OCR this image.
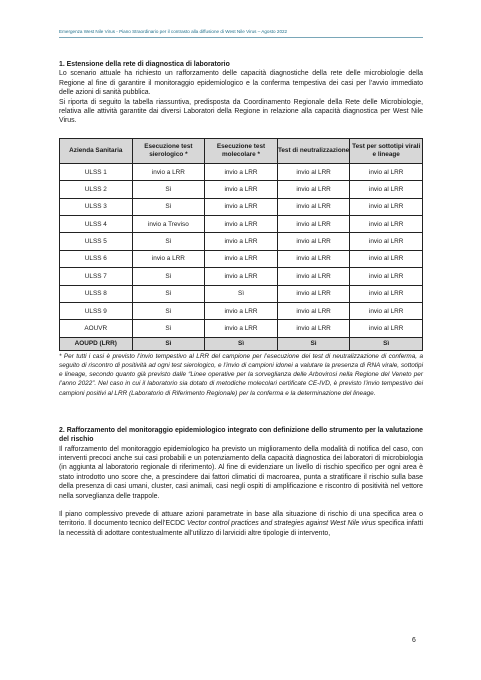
Emergenza West Nile Virus - Piano Straordinario per il contrasto alla diffusione di West Nile Virus – Agosto 2022

1. Estensione della rete di diagnostica di laboratorio

Lo scenario attuale ha richiesto un rafforzamento delle capacità diagnostiche della rete delle microbiologie della Regione al fine di garantire il monitoraggio epidemiologico e la conferma tempestiva dei casi per l’avvio immediato delle azioni di sanità pubblica.

Si riporta di seguito la tabella riassuntiva, predisposta da Coordinamento Regionale della Rete delle Microbiologie, relativa alle attività garantite dai diversi Laboratori della Regione in relazione alla capacità diagnostica per West Nile Virus.

Azienda Sanitaria	Esecuzione test sierologico *	Esecuzione test molecolare *	Test di neutralizzazione	Test per sottotipi virali e lineage
ULSS 1	invio a LRR	invio a LRR	invio al LRR	invio al LRR
ULSS 2	Sì	invio a LRR	invio al LRR	invio al LRR
ULSS 3	Sì	invio a LRR	invio al LRR	invio al LRR
ULSS 4	invio a Treviso	invio a LRR	invio al LRR	invio al LRR
ULSS 5	Sì	invio a LRR	invio al LRR	invio al LRR
ULSS 6	invio a LRR	invio a LRR	invio al LRR	invio al LRR
ULSS 7	Sì	invio a LRR	invio al LRR	invio al LRR
ULSS 8	Sì	Sì	invio al LRR	invio al LRR
ULSS 9	Sì	invio a LRR	invio al LRR	invio al LRR
AOUVR	Sì	invio a LRR	invio al LRR	invio al LRR
AOUPD (LRR)	Sì	Sì	Sì	Sì

* Per tutti i casi è previsto l’invio tempestivo al LRR del campione per l’esecuzione dei test di neutralizzazione di conferma, a seguito di riscontro di positività ad ogni test sierologico, e l’invio di campioni idonei a valutare la presenza di RNA virale, sottotipi e lineage, secondo quanto già previsto dalle “Linee operative per la sorveglianza delle Arbovirosi nella Regione del Veneto per l’anno 2022”. Nel caso in cui il laboratorio sia dotato di metodiche molecolari certificate CE-IVD, è previsto l’invio tempestivo dei campioni positivi al LRR (Laboratorio di Riferimento Regionale) per la conferma e la determinazione del lineage.

2. Rafforzamento del monitoraggio epidemiologico integrato con definizione dello strumento per la valutazione del rischio

Il rafforzamento del monitoraggio epidemiologico ha previsto un miglioramento della modalità di notifica del caso, con interventi precoci anche sui casi probabili e un potenziamento della capacità diagnostica dei laboratori di microbiologia (in aggiunta al laboratorio regionale di riferimento). Al fine di evidenziare un livello di rischio specifico per ogni area è stato introdotto uno score che, a prescindere dai fattori climatici di macroarea, punta a stratificare il rischio sulla base della presenza di casi umani, cluster, casi animali, casi negli ospiti di amplificazione e riscontro di positività nel vettore nella sorveglianza delle trappole.

Il piano complessivo prevede di attuare azioni parametrate in base alla situazione di rischio di una specifica area o territorio. Il documento tecnico dell’ECDC Vector control practices and strategies against West Nile virus specifica infatti la necessità di adottare contestualmente all’utilizzo di larvicidi altre tipologie di intervento,

6
